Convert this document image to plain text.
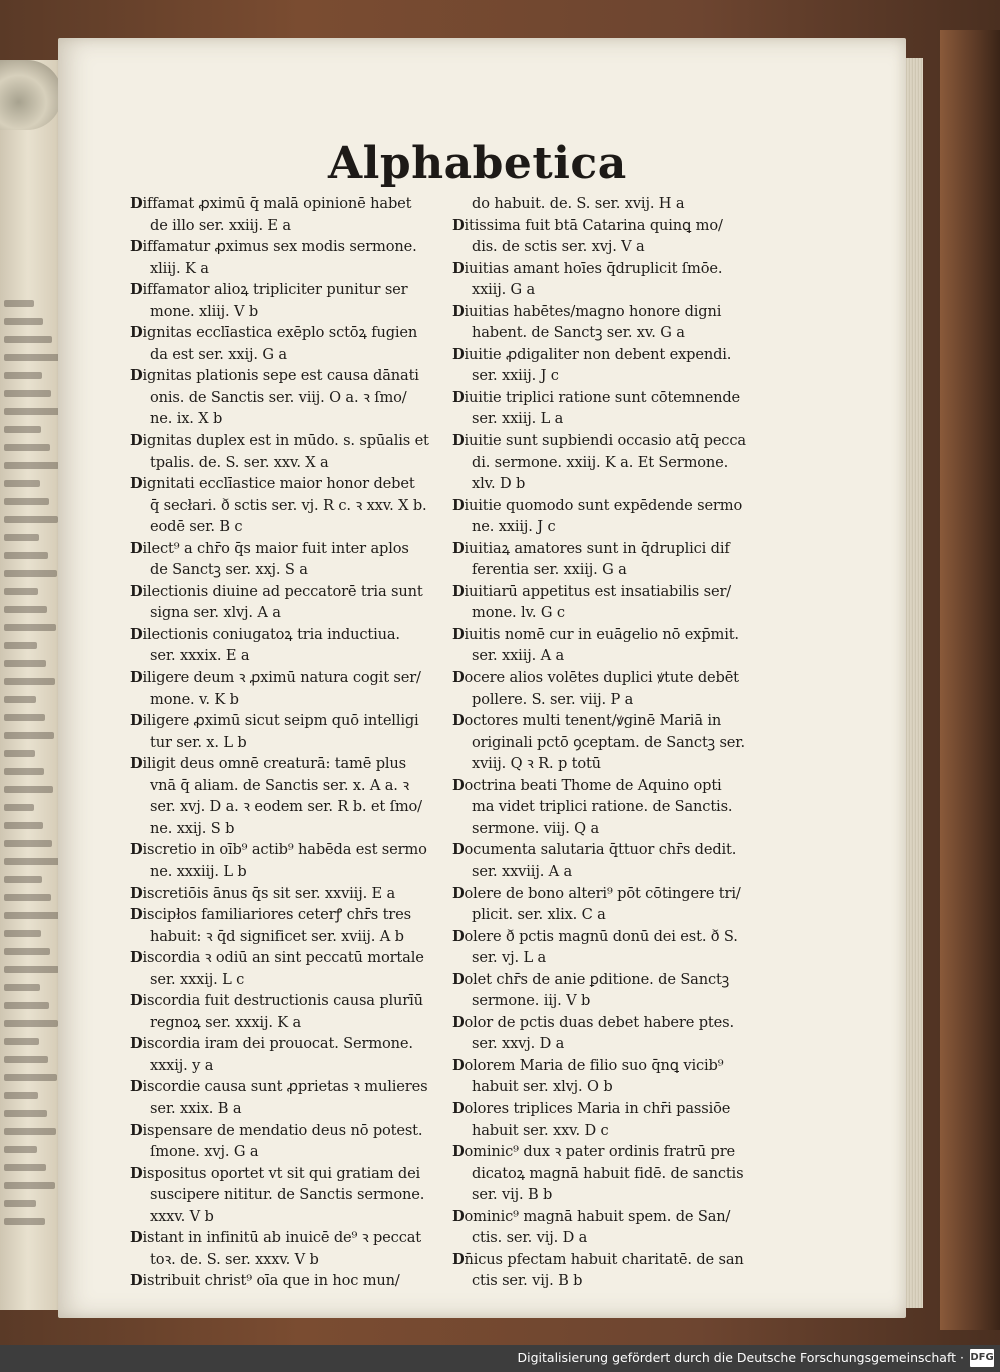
Alphabetica
Diffamat ꝓximū q̄ malā opinionē habet
de illo ser. xxiij. E a
Diffamatur ꝓximus sex modis sermone.
xliij. K a
Diffamator alioꝝ tripliciter punitur ser
mone. xliij. V b
Dignitas ecclīastica exēplo sctōꝝ fugien
da est ser. xxij. G a
Dignitas plationis sepe est causa dānati
onis. de Sanctis ser. viij. O a. ꝛ ſmo/
ne. ix. X b
Dignitas duplex est in mūdo. s. spūalis et
tpalis. de. S. ser. xxv. X a
Dignitati ecclīastice maior honor debet
q̄ secłari. ð sctis ser. vj. R c. ꝛ xxv. X b.
eodē ser. B c
Dilect⁹ a chr̄o q̄s maior fuit inter aplos
de Sanctꝫ ser. xxj. S a
Dilectionis diuine ad peccatorē tria sunt
signa ser. xlvj. A a
Dilectionis coniugatoꝝ tria inductiua.
ser. xxxix. E a
Diligere deum ꝛ ꝓximū natura cogit ser/
mone. v. K b
Diligere ꝓximū sicut seipm quō intelligi
tur ser. x. L b
Diligit deus omnē creaturā: tamē plus
vnā q̄ aliam. de Sanctis ser. x. A a. ꝛ
ser. xvj. D a. ꝛ eodem ser. R b. et ſmo/
ne. xxij. S b
Discretio in oīb⁹ actib⁹ habēda est sermo
ne. xxxiij. L b
Discretiōis ānus q̄s sit ser. xxviij. E a
Discipłos familiariores ceterꝭ chr̄s tres
habuit: ꝛ q̄d significet ser. xviij. A b
Discordia ꝛ odiū an sint peccatū mortale
ser. xxxij. L c
Discordia fuit destructionis causa plurīū
regnoꝝ ser. xxxij. K a
Discordia iram dei prouocat. Sermone.
xxxij. y a
Discordie causa sunt ꝓprietas ꝛ mulieres
ser. xxix. B a
Dispensare de mendatio deus nō potest.
ſmone. xvj. G a
Dispositus oportet vt sit qui gratiam dei
suscipere nititur. de Sanctis sermone.
xxxv. V b
Distant in infinitū ab inuicē de⁹ ꝛ peccat
toꝛ. de. S. ser. xxxv. V b
Distribuit christ⁹ oīa que in hoc mun/
do habuit. de. S. ser. xvij. H a
Ditissima fuit btā Catarina quinꝗ mo/
dis. de sctis ser. xvj. V a
Diuitias amant hoīes q̄druplicit ſmōe.
xxiij. G a
Diuitias habētes/magno honore digni
habent. de Sanctꝫ ser. xv. G a
Diuitie ꝓdigaliter non debent expendi.
ser. xxiij. J c
Diuitie triplici ratione sunt cōtemnende
ser. xxiij. L a
Diuitie sunt supbiendi occasio atq̄ pecca
di. sermone. xxiij. K a. Et Sermone.
xlv. D b
Diuitie quomodo sunt expēdende sermo
ne. xxiij. J c
Diuitiaꝝ amatores sunt in q̄druplici dif
ferentia ser. xxiij. G a
Diuitiarū appetitus est insatiabilis ser/
mone. lv. G c
Diuitis nomē cur in euāgelio nō exp̄mit.
ser. xxiij. A a
Docere alios volētes duplici ꝟtute debēt
pollere. S. ser. viij. P a
Doctores multi tenent/ꝟginē Mariā in
originali pctō ꝯceptam. de Sanctꝫ ser.
xviij. Q ꝛ R. p totū
Doctrina beati Thome de Aquino opti
ma videt triplici ratione. de Sanctis.
sermone. viij. Q a
Documenta salutaria q̄ttuor chr̄s dedit.
ser. xxviij. A a
Dolere de bono alteri⁹ pōt cōtingere tri/
plicit. ser. xlix. C a
Dolere ð pctis magnū donū dei est. ð S.
ser. vj. L a
Dolet chr̄s de anie ꝑditione. de Sanctꝫ
sermone. iij. V b
Dolor de pctis duas debet habere ptes.
ser. xxvj. D a
Dolorem Maria de filio suo q̄nꝗ vicib⁹
habuit ser. xlvj. O b
Dolores triplices Maria in chr̄i passiōe
habuit ser. xxv. D c
Dominic⁹ dux ꝛ pater ordinis fratrū pre
dicatoꝝ magnā habuit fidē. de sanctis
ser. vij. B b
Dominic⁹ magnā habuit spem. de San/
ctis. ser. vij. D a
Dn̄icus pfectam habuit charitatē. de san
ctis ser. vij. B b
Digitalisierung gefördert durch die Deutsche Forschungsgemeinschaft · DFG
